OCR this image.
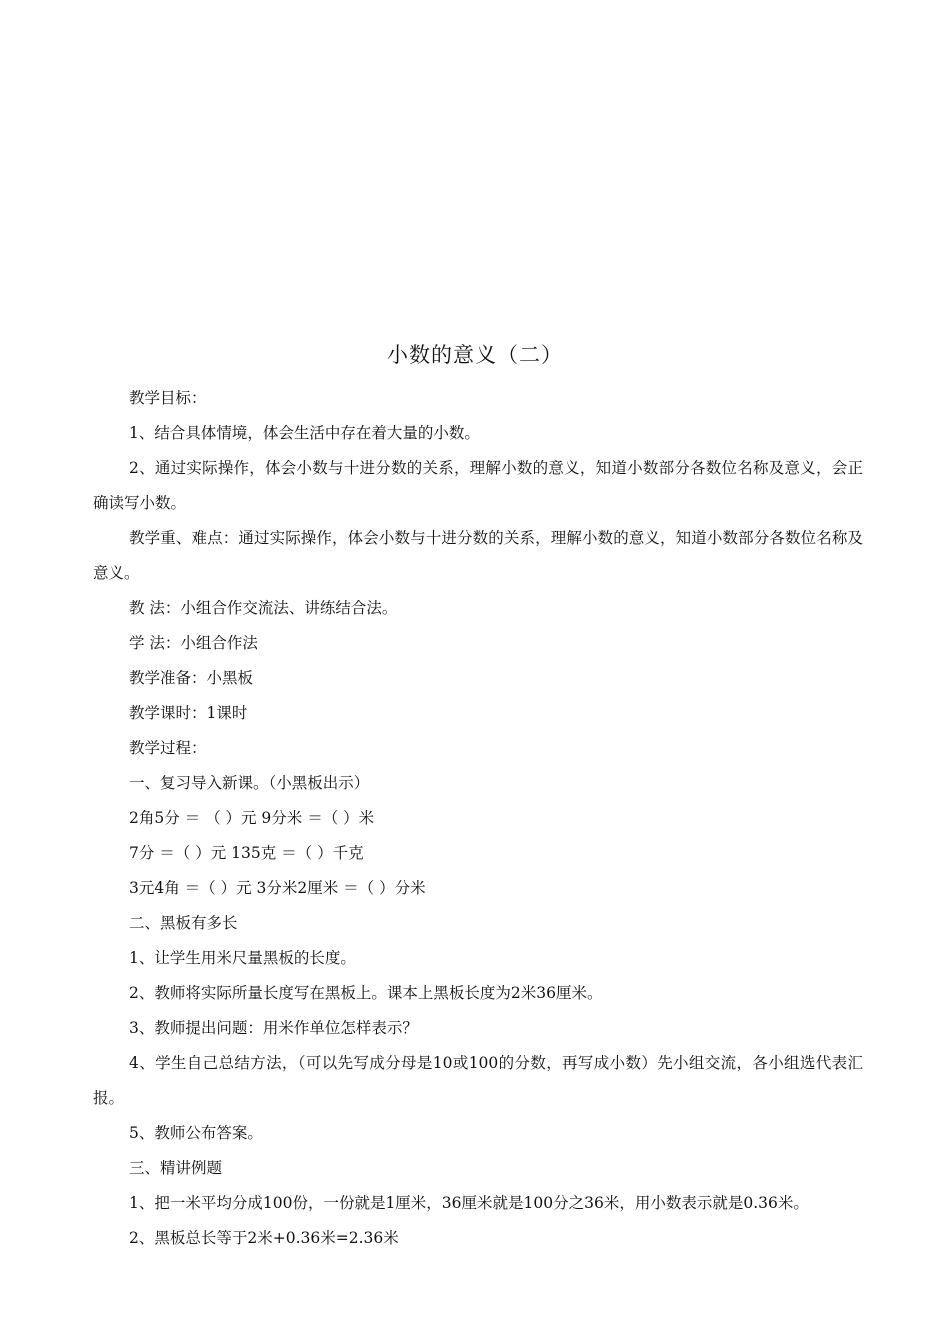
小数的意义（二）

教学目标：

1、结合具体情境，体会生活中存在着大量的小数。

2、通过实际操作，体会小数与十进分数的关系，理解小数的意义，知道小数部分各数位名称及意义，会正确读写小数。

教学重、难点：通过实际操作，体会小数与十进分数的关系，理解小数的意义，知道小数部分各数位名称及意义。

教 法：小组合作交流法、讲练结合法。

学 法：小组合作法

教学准备：小黑板

教学课时：1课时

教学过程：

一、复习导入新课。（小黑板出示）

2角5分 ＝ （ ）元 9分米 ＝（ ）米

7分 ＝（ ）元 135克 ＝（ ）千克

3元4角 ＝（ ）元 3分米2厘米 ＝（ ）分米

二、黑板有多长

1、让学生用米尺量黑板的长度。

2、教师将实际所量长度写在黑板上。课本上黑板长度为2米36厘米。

3、教师提出问题：用米作单位怎样表示？

4、学生自己总结方法，（可以先写成分母是10或100的分数，再写成小数）先小组交流，各小组选代表汇报。

5、教师公布答案。

三、精讲例题

1、把一米平均分成100份，一份就是1厘米，36厘米就是100分之36米，用小数表示就是0.36米。

2、黑板总长等于2米+0.36米=2.36米
